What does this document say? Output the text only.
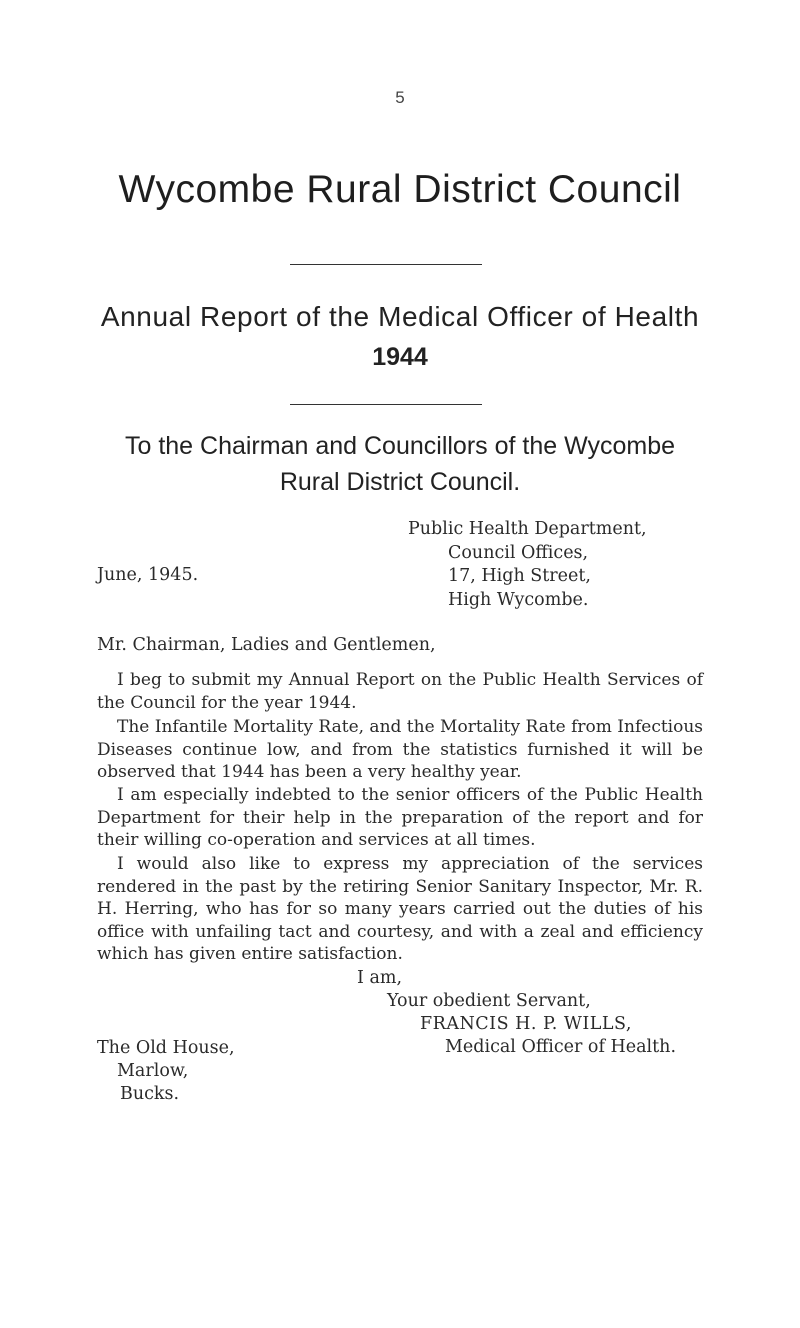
5
Wycombe Rural District Council
Annual Report of the Medical Officer of Health
1944
To the Chairman and Councillors of the Wycombe
Rural District Council.
Public Health Department,
Council Offices,
17, High Street,
High Wycombe.
June, 1945.
Mr. Chairman, Ladies and Gentlemen,

I beg to submit my Annual Report on the Public Health Services of the Council for the year 1944.

The Infantile Mortality Rate, and the Mortality Rate from Infectious Diseases continue low, and from the statistics furnished it will be observed that 1944 has been a very healthy year.

I am especially indebted to the senior officers of the Public Health Department for their help in the preparation of the report and for their willing co-operation and services at all times.

I would also like to express my appreciation of the services rendered in the past by the retiring Senior Sanitary Inspector, Mr. R. H. Herring, who has for so many years carried out the duties of his office with unfailing tact and courtesy, and with a zeal and efficiency which has given entire satisfaction.

I am,
Your obedient Servant,
FRANCIS H. P. WILLS,
Medical Officer of Health.
The Old House,
Marlow,
Bucks.
